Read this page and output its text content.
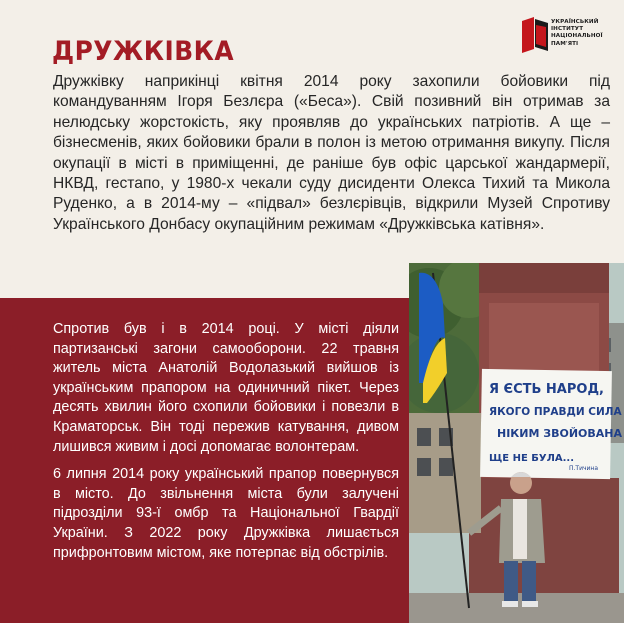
ДРУЖКІВКА
УКРАЇНСЬКИЙ
ІНСТИТУТ
НАЦІОНАЛЬНОЇ
ПАМ'ЯТІ
Дружківку наприкінці квітня 2014 року захопили бойовики під командуванням Ігоря Безлєра («Беса»). Свій позивний він отримав за нелюдську жорстокість, яку проявляв до українських патріотів. А ще – бізнесменів, яких бойовики брали в полон із метою отримання викупу. Після окупації в місті в приміщенні, де раніше був офіс царської жандармерії, НКВД, гестапо, у 1980-х чекали суду дисиденти Олекса Тихий та Микола Руденко, а в 2014-му – «підвал» безлєрівців, відкрили Музей Спротиву Українського Донбасу окупаційним режимам «Дружківська катівня».

Спротив був і в 2014 році. У місті діяли партизанські загони самооборони. 22 травня житель міста Анатолій Водолазький вийшов із українським прапором на одиничний пікет. Через десять хвилин його схопили бойовики і повезли в Краматорськ. Він тоді пережив катування, дивом лишився живим і досі допомагає волонтерам.

6 липня 2014 року український прапор повернувся в місто. До звільнення міста були залучені підрозділи 93-ї омбр та Національної Гвардії України. З 2022 року Дружківка лишається прифронтовим містом, яке потерпає від обстрілів.

Я ЄСТЬ НАРОД,
ЯКОГО ПРАВДИ СИЛА
НІКИМ ЗВОЙОВАНА
ЩЕ НЕ БУЛА...
П.Тичина
